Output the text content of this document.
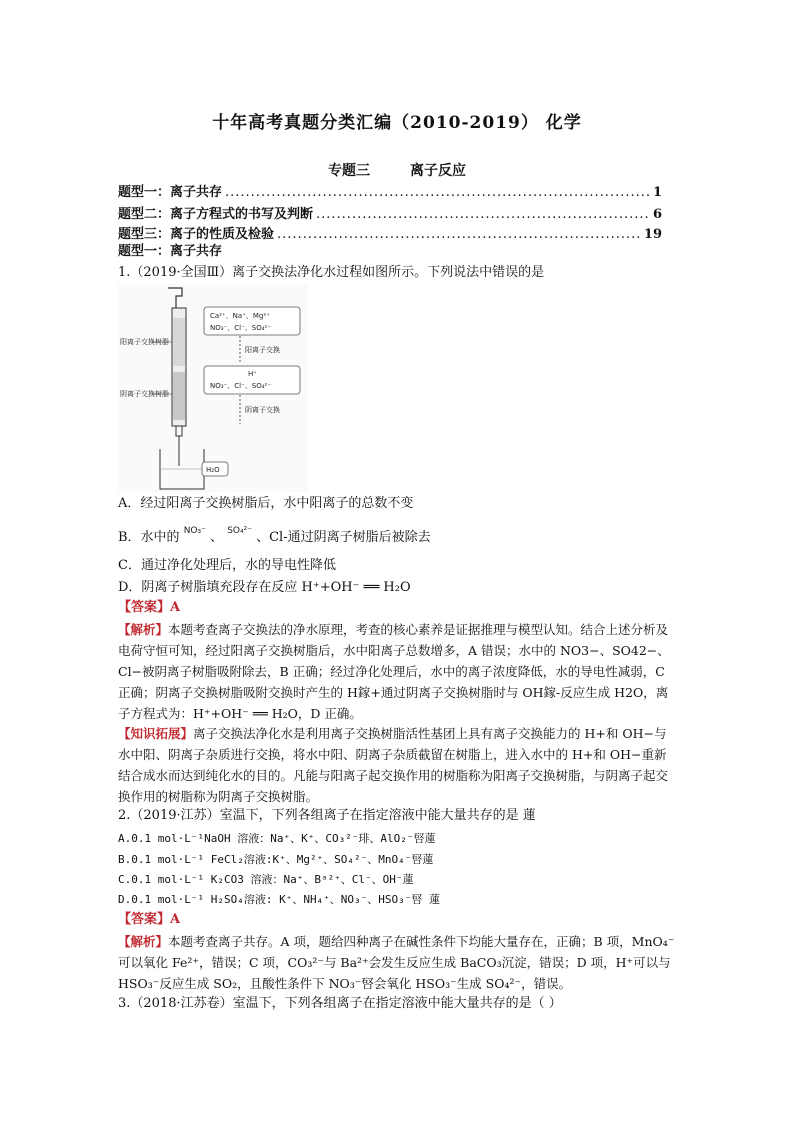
十年高考真题分类汇编（2010-2019） 化学
专题三	离子反应
题型一：离子共存 .....	1
题型二：离子方程式的书写及判断 .....	6
题型三：离子的性质及检验 .....	19
题型一：离子共存
1.（2019·全国Ⅲ）离子交换法净化水过程如图所示。下列说法中错误的是
Ca²⁺、Na⁺、Mg²⁺
NO₃⁻、Cl⁻、SO₄²⁻
阳离子交换
H⁺
NO₃⁻、Cl⁻、SO₄²⁻
阴离子交换
阳离子交换树脂
阴离子交换树脂
H₂O
A．经过阳离子交换树脂后，水中阳离子的总数不变
B．水中的 $^{NO_3^-}$ 、 $^{SO_4^{2-}}$ 、Cl-通过阴离子树脂后被除去
C．通过净化处理后，水的导电性降低
D．阴离子树脂填充段存在反应 H⁺+OH⁻ ══ H₂O
【答案】A
【解析】本题考查离子交换法的净水原理，考查的核心素养是证据推理与模型认知。结合上述分析及电荷守恒可知，经过阳离子交换树脂后，水中阳离子总数增多，A 错误；水中的 NO3−、SO42−、Cl−被阴离子树脂吸附除去，B 正确；经过净化处理后，水中的离子浓度降低，水的导电性减弱，C 正确；阴离子交换树脂吸附交换时产生的 H鎵+通过阴离子交换树脂时与 OH鎵-反应生成 H2O，离子方程式为：H⁺+OH⁻ ══ H₂O，D 正确。
【知识拓展】离子交换法净化水是利用离子交换树脂活性基团上具有离子交换能力的 H+和 OH−与水中阳、阴离子杂质进行交换，将水中阳、阴离子杂质截留在树脂上，进入水中的 H+和 OH−重新结合成水而达到纯化水的目的。凡能与阳离子起交换作用的树脂称为阳离子交换树脂，与阴离子起交换作用的树脂称为阴离子交换树脂。
2.（2019·江苏）室温下，下列各组离子在指定溶液中能大量共存的是 蓮
A.0.1 mol·L⁻¹NaOH 溶液：Na⁺、K⁺、CO₃²⁻琲、AlO₂⁻唘蓮
B.0.1 mol·L⁻¹ FeCl₂溶液:K⁺、Mg²⁺、SO₄²⁻、MnO₄⁻唘蓮
C.0.1 mol·L⁻¹ K₂CO3 溶液：Na⁺、Bᵃ²⁺、Cl⁻、OH⁻蓮
D.0.1 mol·L⁻¹ H₂SO₄溶液: K⁺、NH₄⁺、NO₃⁻、HSO₃⁻唘 蓮
【答案】A
【解析】本题考查离子共存。A 项，题给四种离子在碱性条件下均能大量存在，正确；B 项，MnO₄⁻可以氧化 Fe²⁺，错误；C 项，CO₃²⁻与 Ba²⁺会发生反应生成 BaCO₃沉淀，错误；D 项，H⁺可以与 HSO₃⁻反应生成 SO₂，且酸性条件下 NO₃⁻唘会氧化 HSO₃⁻生成 SO₄²⁻，错误。
3.（2018·江苏卷）室温下，下列各组离子在指定溶液中能大量共存的是（ ）
